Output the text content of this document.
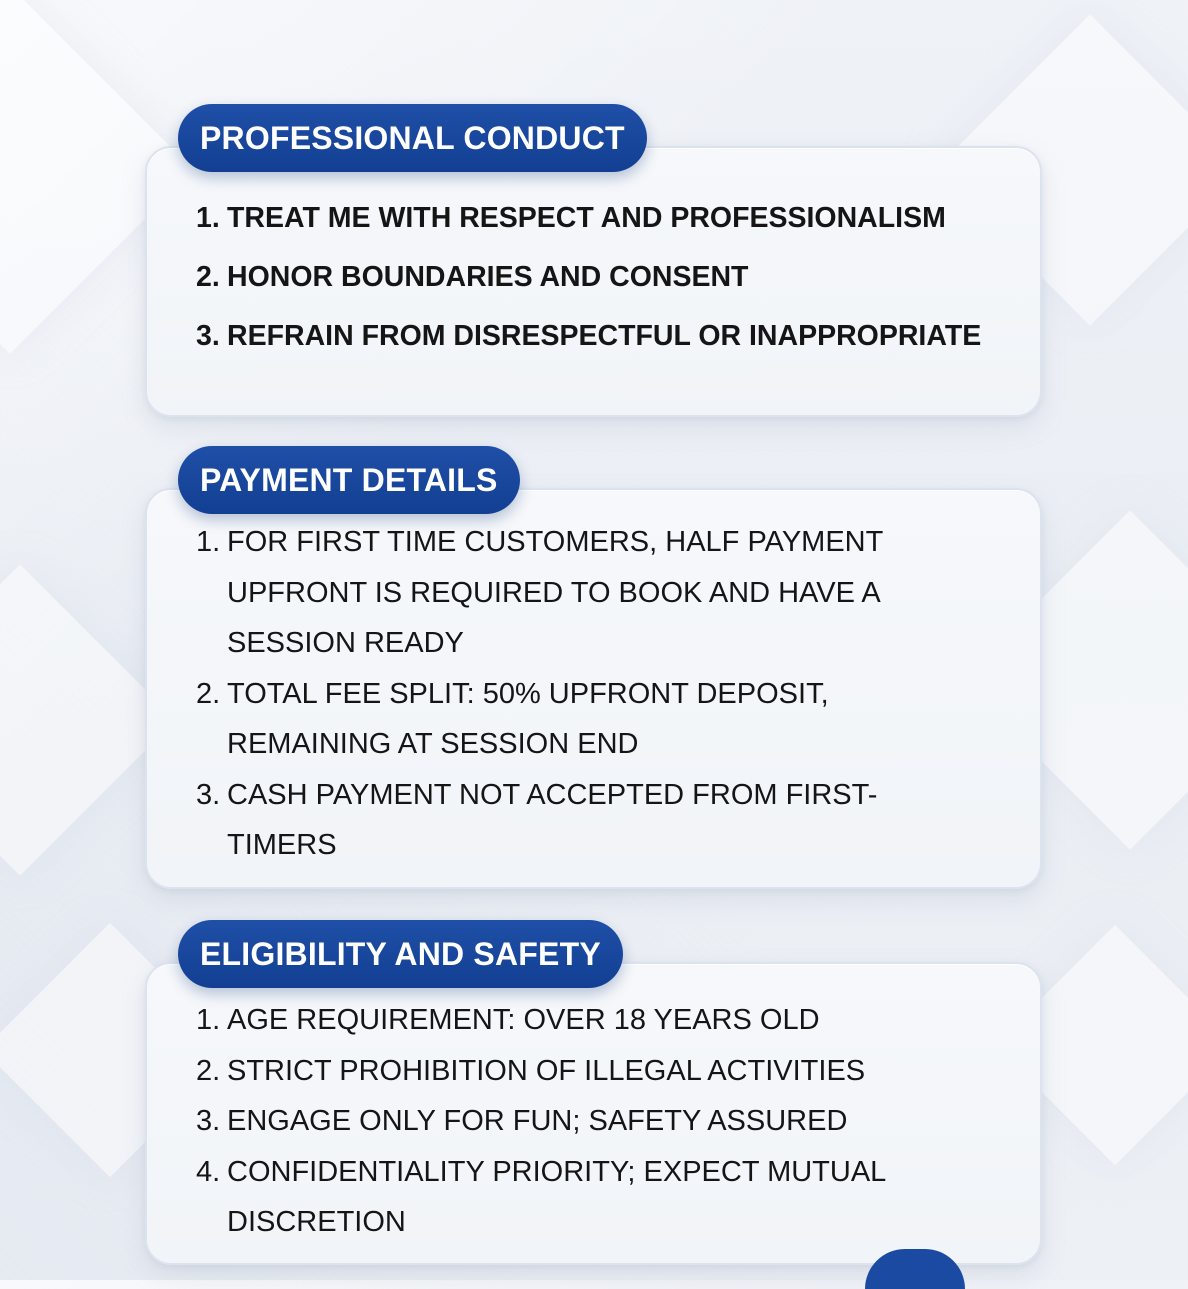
PROFESSIONAL CONDUCT
1. TREAT ME WITH RESPECT AND PROFESSIONALISM
2. HONOR BOUNDARIES AND CONSENT
3. REFRAIN FROM DISRESPECTFUL OR INAPPROPRIATE
PAYMENT DETAILS
1. FOR FIRST TIME CUSTOMERS, HALF PAYMENT
UPFRONT IS REQUIRED TO BOOK AND HAVE A
SESSION READY
2. TOTAL FEE SPLIT: 50% UPFRONT DEPOSIT,
REMAINING AT SESSION END
3. CASH PAYMENT NOT ACCEPTED FROM FIRST-
TIMERS
ELIGIBILITY AND SAFETY
1. AGE REQUIREMENT: OVER 18 YEARS OLD
2. STRICT PROHIBITION OF ILLEGAL ACTIVITIES
3. ENGAGE ONLY FOR FUN; SAFETY ASSURED
4. CONFIDENTIALITY PRIORITY; EXPECT MUTUAL
DISCRETION
